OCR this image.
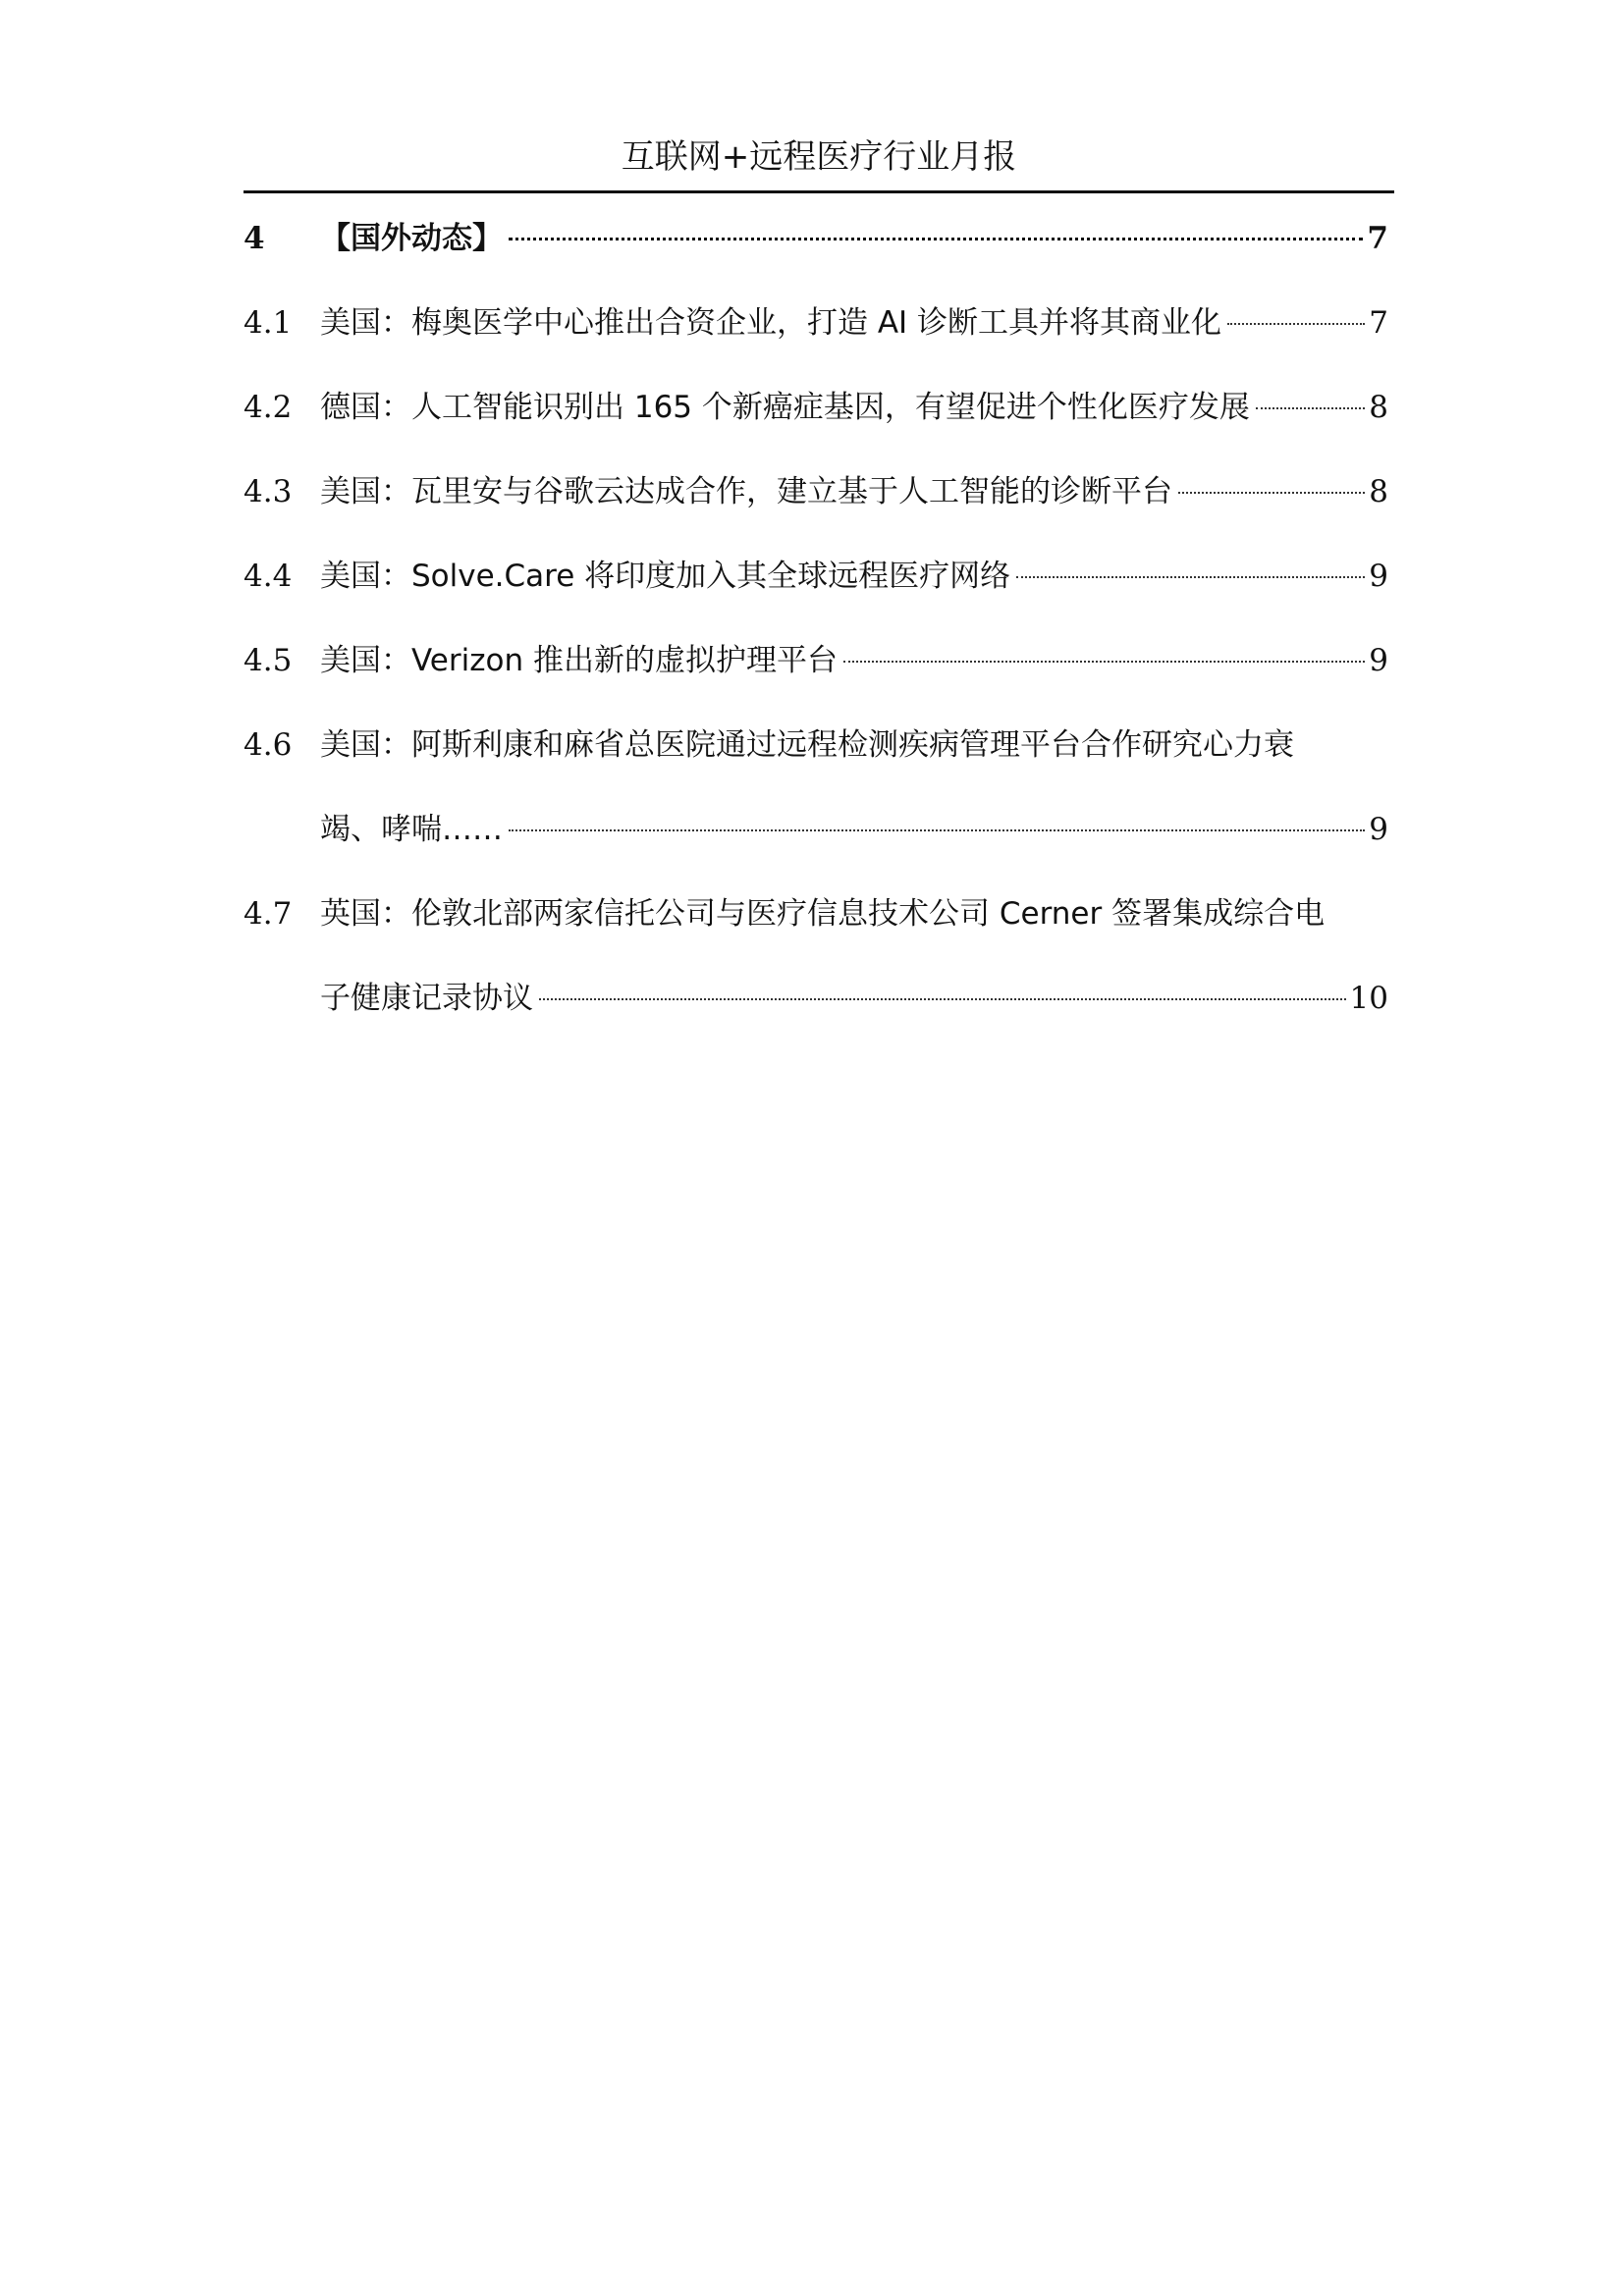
互联网+远程医疗行业月报
4	【国外动态】	7
4.1 美国：梅奥医学中心推出合资企业，打造 AI 诊断工具并将其商业化	7
4.2 德国：人工智能识别出 165 个新癌症基因，有望促进个性化医疗发展	8
4.3 美国：瓦里安与谷歌云达成合作，建立基于人工智能的诊断平台	8
4.4 美国：Solve.Care 将印度加入其全球远程医疗网络	9
4.5 美国：Verizon 推出新的虚拟护理平台	9
4.6 美国：阿斯利康和麻省总医院通过远程检测疾病管理平台合作研究心力衰
竭、哮喘……	9
4.7 英国：伦敦北部两家信托公司与医疗信息技术公司 Cerner 签署集成综合电
子健康记录协议	10
